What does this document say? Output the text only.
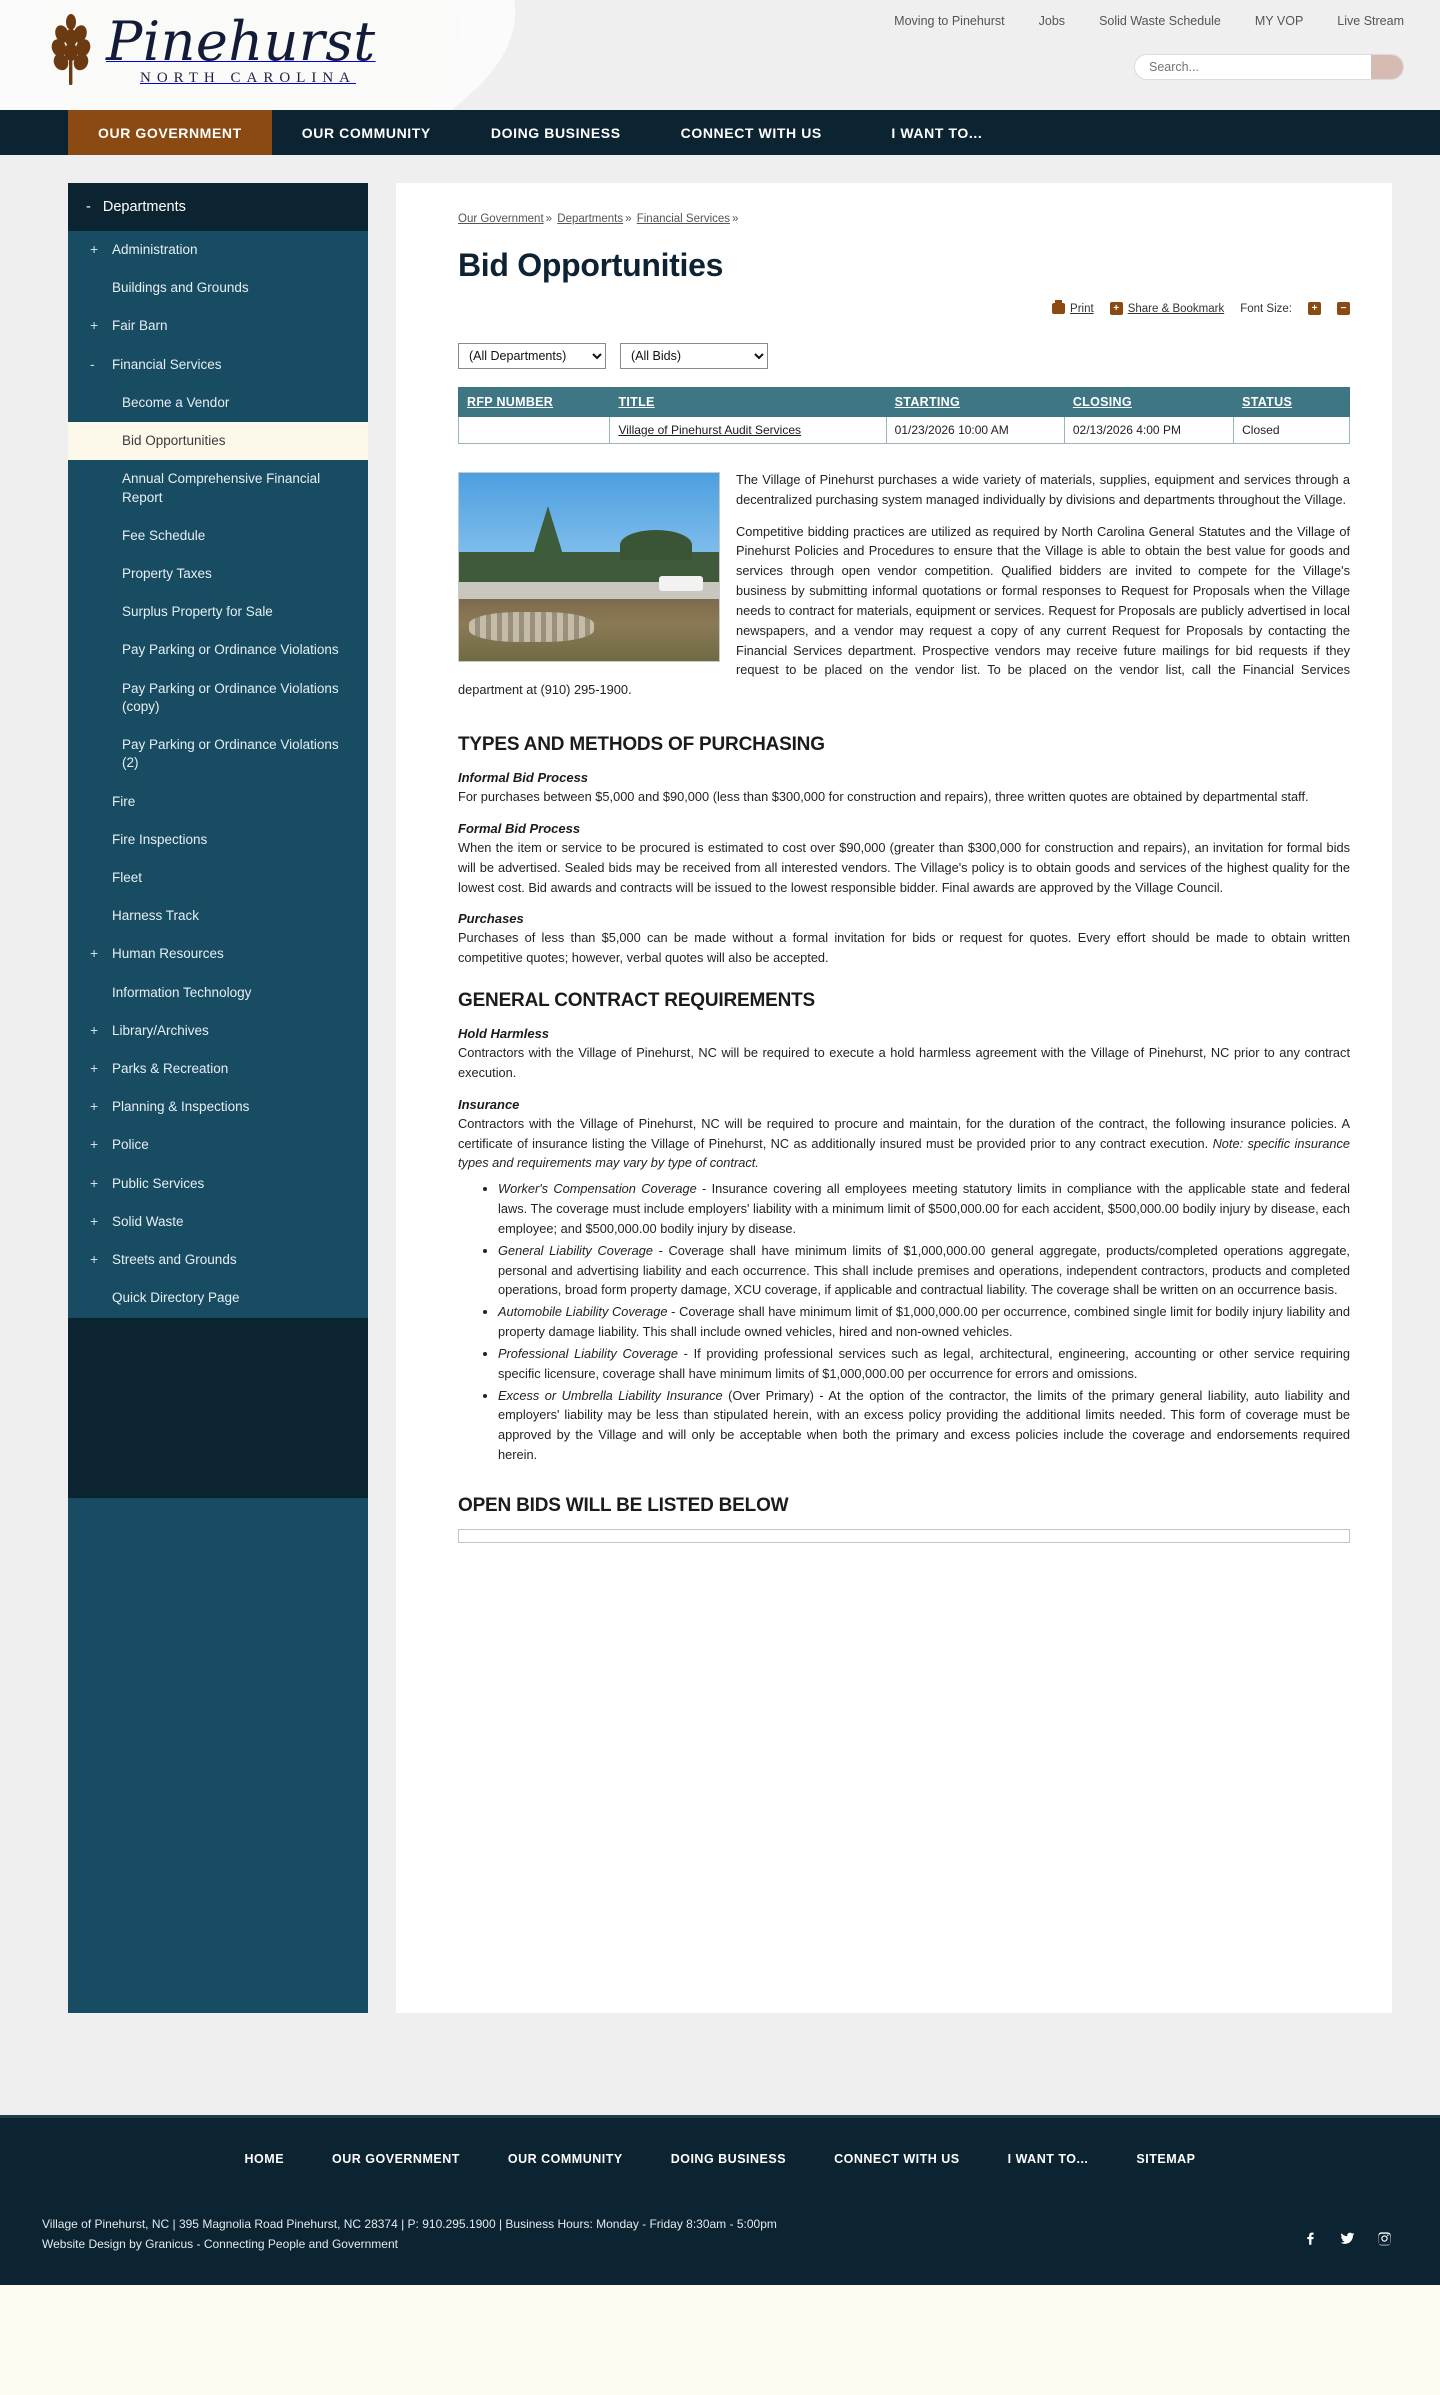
Pinehurst
NORTH CAROLINA
Moving to Pinehurst	Jobs	Solid Waste Schedule	MY VOP	Live Stream
Search...
OUR GOVERNMENT	OUR COMMUNITY	DOING BUSINESS	CONNECT WITH US	I WANT TO...
- Departments
+ Administration
Buildings and Grounds
+ Fair Barn
-	Financial Services
Become a Vendor
Bid Opportunities
Annual Comprehensive Financial Report
Fee Schedule
Property Taxes
Surplus Property for Sale
Pay Parking or Ordinance Violations
Pay Parking or Ordinance Violations (copy)
Pay Parking or Ordinance Violations (2)
Fire
Fire Inspections
Fleet
Harness Track
+ Human Resources
Information Technology
+ Library/Archives
+ Parks & Recreation
+ Planning & Inspections
+ Police
+ Public Services
+ Solid Waste
+ Streets and Grounds
Quick Directory Page
Our Government » Departments » Financial Services »
Bid Opportunities
Print	+ Share & Bookmark Font Size:	+	−
(All Departments)
(All Bids)
RFP NUMBER	TITLE	STARTING	CLOSING	STATUS
	Village of Pinehurst Audit Services	01/23/2026 10:00 AM	02/13/2026 4:00 PM	Closed

The Village of Pinehurst purchases a wide variety of materials, supplies, equipment and services through a decentralized purchasing system managed individually by divisions and departments throughout the Village.

Competitive bidding practices are utilized as required by North Carolina General Statutes and the Village of Pinehurst Policies and Procedures to ensure that the Village is able to obtain the best value for goods and services through open vendor competition. Qualified bidders are invited to compete for the Village's business by submitting informal quotations or formal responses to Request for Proposals when the Village needs to contract for materials, equipment or services. Request for Proposals are publicly advertised in local newspapers, and a vendor may request a copy of any current Request for Proposals by contacting the Financial Services department. Prospective vendors may receive future mailings for bid requests if they request to be placed on the vendor list. To be placed on the vendor list, call the Financial Services department at (910) 295-1900.

TYPES AND METHODS OF PURCHASING
Informal Bid Process
For purchases between $5,000 and $90,000 (less than $300,000 for construction and repairs), three written quotes are obtained by departmental staff.
Formal Bid Process
When the item or service to be procured is estimated to cost over $90,000 (greater than $300,000 for construction and repairs), an invitation for formal bids will be advertised. Sealed bids may be received from all interested vendors. The Village's policy is to obtain goods and services of the highest quality for the lowest cost. Bid awards and contracts will be issued to the lowest responsible bidder. Final awards are approved by the Village Council.
Purchases
Purchases of less than $5,000 can be made without a formal invitation for bids or request for quotes. Every effort should be made to obtain written competitive quotes; however, verbal quotes will also be accepted.
GENERAL CONTRACT REQUIREMENTS
Hold Harmless
Contractors with the Village of Pinehurst, NC will be required to execute a hold harmless agreement with the Village of Pinehurst, NC prior to any contract execution.
Insurance
Contractors with the Village of Pinehurst, NC will be required to procure and maintain, for the duration of the contract, the following insurance policies. A certificate of insurance listing the Village of Pinehurst, NC as additionally insured must be provided prior to any contract execution. Note: specific insurance types and requirements may vary by type of contract.
• Worker's Compensation Coverage - Insurance covering all employees meeting statutory limits in compliance with the applicable state and federal laws. The coverage must include employers' liability with a minimum limit of $500,000.00 for each accident, $500,000.00 bodily injury by disease, each employee; and $500,000.00 bodily injury by disease.
• General Liability Coverage - Coverage shall have minimum limits of $1,000,000.00 general aggregate, products/completed operations aggregate, personal and advertising liability and each occurrence. This shall include premises and operations, independent contractors, products and completed operations, broad form property damage, XCU coverage, if applicable and contractual liability. The coverage shall be written on an occurrence basis.
• Automobile Liability Coverage - Coverage shall have minimum limit of $1,000,000.00 per occurrence, combined single limit for bodily injury liability and property damage liability. This shall include owned vehicles, hired and non-owned vehicles.
• Professional Liability Coverage - If providing professional services such as legal, architectural, engineering, accounting or other service requiring specific licensure, coverage shall have minimum limits of $1,000,000.00 per occurrence for errors and omissions.
• Excess or Umbrella Liability Insurance (Over Primary) - At the option of the contractor, the limits of the primary general liability, auto liability and employers' liability may be less than stipulated herein, with an excess policy providing the additional limits needed. This form of coverage must be approved by the Village and will only be acceptable when both the primary and excess policies include the coverage and endorsements required herein.
OPEN BIDS WILL BE LISTED BELOW
HOME	OUR GOVERNMENT	OUR COMMUNITY	DOING BUSINESS	CONNECT WITH US	I WANT TO...	SITEMAP
Village of Pinehurst, NC | 395 Magnolia Road Pinehurst, NC 28374 | P: 910.295.1900 | Business Hours: Monday - Friday 8:30am - 5:00pm
Website Design by Granicus - Connecting People and Government
